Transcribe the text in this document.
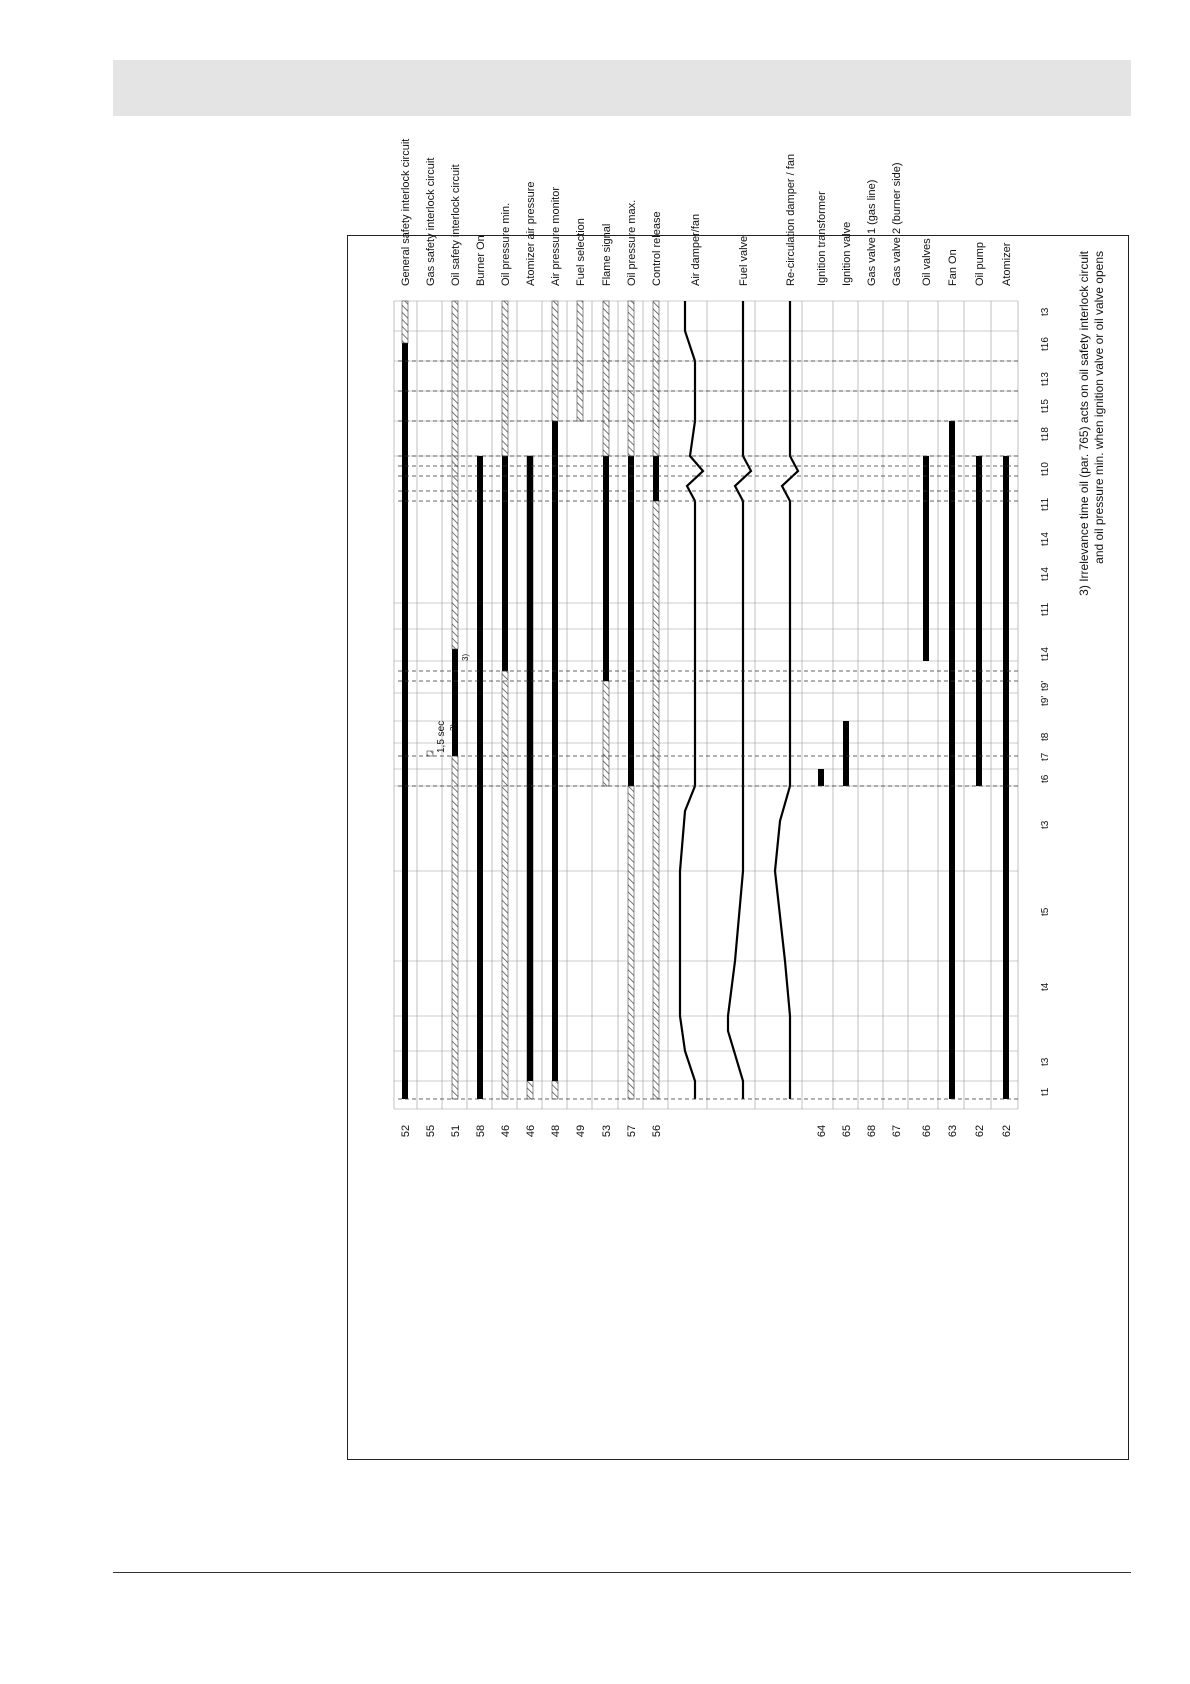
General safety interlock circuit
52
Gas safety interlock circuit
55
Oil safety interlock circuit
51
Burner On
58
Oil pressure min.
46
Atomizer air pressure
46
Air pressure monitor
48
Fuel selection
49
Flame signal
53
Oil pressure max.
57
Control release
56
Air damper/fan	Fuel valve	Re-circulation damper / fan Ignition transformer
64
Ignition valve
65
Gas valve 1 (gas line)
68
Gas valve 2 (burner side)
67
Oil valves
66
Fan On
63
Oil pump
62
Atomizer
62
t1
t3
t4
t5
t3
t6
t7
t8
t9'
t9'
t14
t11
t14
t14
t11
t10
t18
t15
t13
t16
t3
1,5 sec 3)
3)
3) Irrelevance time oil (par. 765) acts on oil safety interlock circuit and oil pressure min. when ignition valve or oil valve opens
